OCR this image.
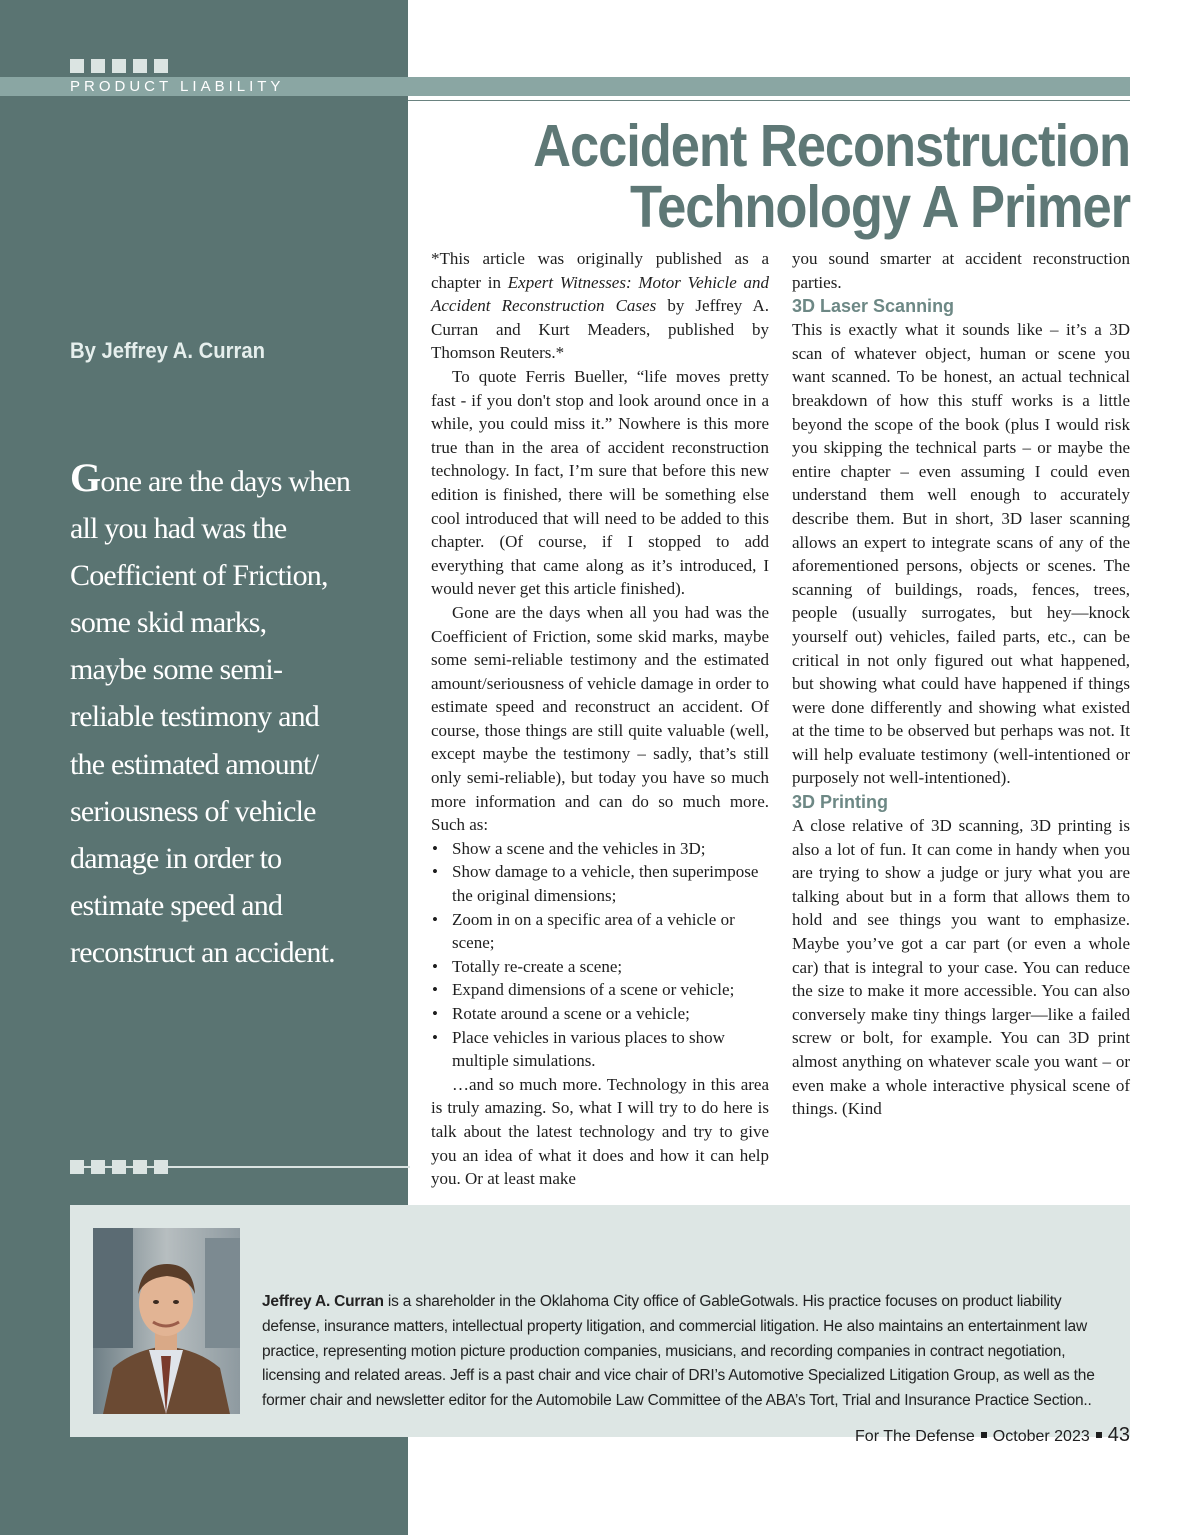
PRODUCT LIABILITY
Accident Reconstruction
Technology A Primer
By Jeffrey A. Curran

Gone are the days when

all you had was the

Coefficient of Friction,

some skid marks,

maybe some semi-

reliable testimony and

the estimated amount/

seriousness of vehicle

damage in order to

estimate speed and

reconstruct an accident.

*This article was originally published as a chapter in Expert Witnesses: Motor Vehicle and Accident Reconstruction Cases by Jeffrey A. Curran and Kurt Meaders, published by Thomson Reuters.*

To quote Ferris Bueller, “life moves pretty fast - if you don't stop and look around once in a while, you could miss it.” Nowhere is this more true than in the area of accident reconstruction technology. In fact, I’m sure that before this new edition is finished, there will be something else cool introduced that will need to be added to this chapter. (Of course, if I stopped to add everything that came along as it’s introduced, I would never get this article finished).

Gone are the days when all you had was the Coefficient of Friction, some skid marks, maybe some semi-reliable testimony and the estimated amount/seriousness of vehicle damage in order to estimate speed and reconstruct an accident. Of course, those things are still quite valuable (well, except maybe the testimony – sadly, that’s still only semi-reliable), but today you have so much more information and can do so much more. Such as:

• Show a scene and the vehicles in 3D;
• Show damage to a vehicle, then superimpose the original dimensions;
• Zoom in on a specific area of a vehicle or scene;
• Totally re-create a scene;
• Expand dimensions of a scene or vehicle;
• Rotate around a scene or a vehicle;
• Place vehicles in various places to show multiple simulations.

…and so much more. Technology in this area is truly amazing. So, what I will try to do here is talk about the latest technology and try to give you an idea of what it does and how it can help you. Or at least make

you sound smarter at accident reconstruction parties.

3D Laser Scanning

This is exactly what it sounds like – it’s a 3D scan of whatever object, human or scene you want scanned. To be honest, an actual technical breakdown of how this stuff works is a little beyond the scope of the book (plus I would risk you skipping the technical parts – or maybe the entire chapter – even assuming I could even understand them well enough to accurately describe them. But in short, 3D laser scanning allows an expert to integrate scans of any of the aforementioned persons, objects or scenes. The scanning of buildings, roads, fences, trees, people (usually surrogates, but hey—knock yourself out) vehicles, failed parts, etc., can be critical in not only figured out what happened, but showing what could have happened if things were done differently and showing what existed at the time to be observed but perhaps was not. It will help evaluate testimony (well-intentioned or purposely not well-intentioned).

3D Printing

A close relative of 3D scanning, 3D printing is also a lot of fun. It can come in handy when you are trying to show a judge or jury what you are talking about but in a form that allows them to hold and see things you want to emphasize. Maybe you’ve got a car part (or even a whole car) that is integral to your case. You can reduce the size to make it more accessible. You can also conversely make tiny things larger—like a failed screw or bolt, for example. You can 3D print almost anything on whatever scale you want – or even make a whole interactive physical scene of things. (Kind

Jeffrey A. Curran is a shareholder in the Oklahoma City office of GableGotwals. His practice focuses on product liability defense, insurance matters, intellectual property litigation, and commercial litigation. He also maintains an entertainment law practice, representing motion picture production companies, musicians, and recording companies in contract negotiation, licensing and related areas. Jeff is a past chair and vice chair of DRI’s Automotive Specialized Litigation Group, as well as the former chair and newsletter editor for the Automobile Law Committee of the ABA’s Tort, Trial and Insurance Practice Section..
For The Defense October 2023 43
